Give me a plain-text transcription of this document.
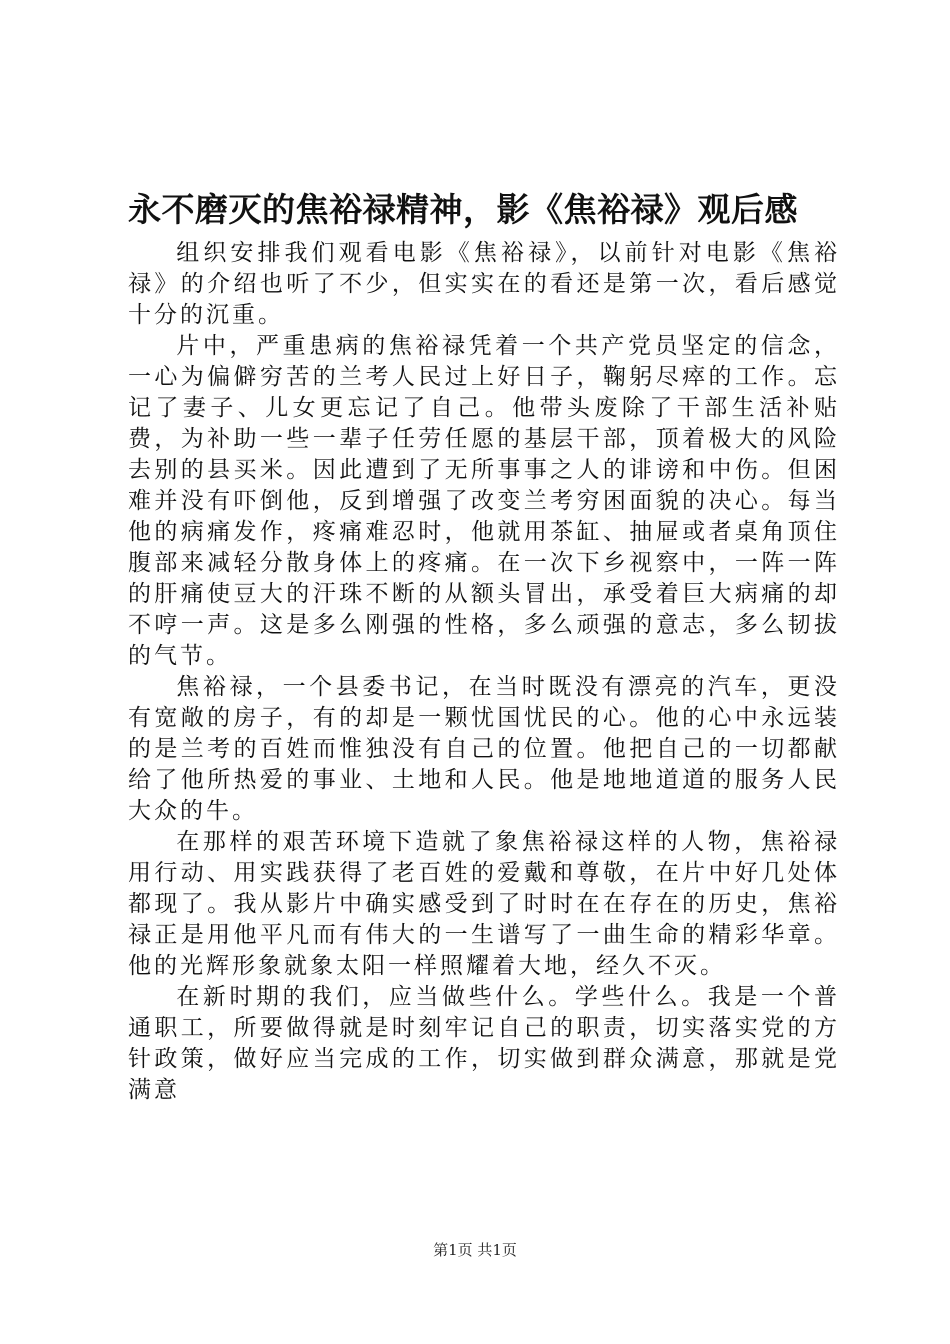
永不磨灭的焦裕禄精神，影《焦裕禄》观后感

组织安排我们观看电影《焦裕禄》，以前针对电影《焦裕禄》的介绍也听了不少，但实实在的看还是第一次，看后感觉十分的沉重。

片中，严重患病的焦裕禄凭着一个共产党员坚定的信念，一心为偏僻穷苦的兰考人民过上好日子，鞠躬尽瘁的工作。忘记了妻子、儿女更忘记了自己。他带头废除了干部生活补贴费，为补助一些一辈子任劳任愿的基层干部，顶着极大的风险去别的县买米。因此遭到了无所事事之人的诽谤和中伤。但困难并没有吓倒他，反到增强了改变兰考穷困面貌的决心。每当他的病痛发作，疼痛难忍时，他就用茶缸、抽屉或者桌角顶住腹部来减轻分散身体上的疼痛。在一次下乡视察中，一阵一阵的肝痛使豆大的汗珠不断的从额头冒出，承受着巨大病痛的却不哼一声。这是多么刚强的性格，多么顽强的意志，多么韧拔的气节。

焦裕禄，一个县委书记，在当时既没有漂亮的汽车，更没有宽敞的房子，有的却是一颗忧国忧民的心。他的心中永远装的是兰考的百姓而惟独没有自己的位置。他把自己的一切都献给了他所热爱的事业、土地和人民。他是地地道道的服务人民大众的牛。

在那样的艰苦环境下造就了象焦裕禄这样的人物，焦裕禄用行动、用实践获得了老百姓的爱戴和尊敬，在片中好几处体都现了。我从影片中确实感受到了时时在在存在的历史，焦裕禄正是用他平凡而有伟大的一生谱写了一曲生命的精彩华章。他的光辉形象就象太阳一样照耀着大地，经久不灭。

在新时期的我们，应当做些什么。学些什么。我是一个普通职工，所要做得就是时刻牢记自己的职责，切实落实党的方针政策，做好应当完成的工作，切实做到群众满意，那就是党满意

第1页 共1页
